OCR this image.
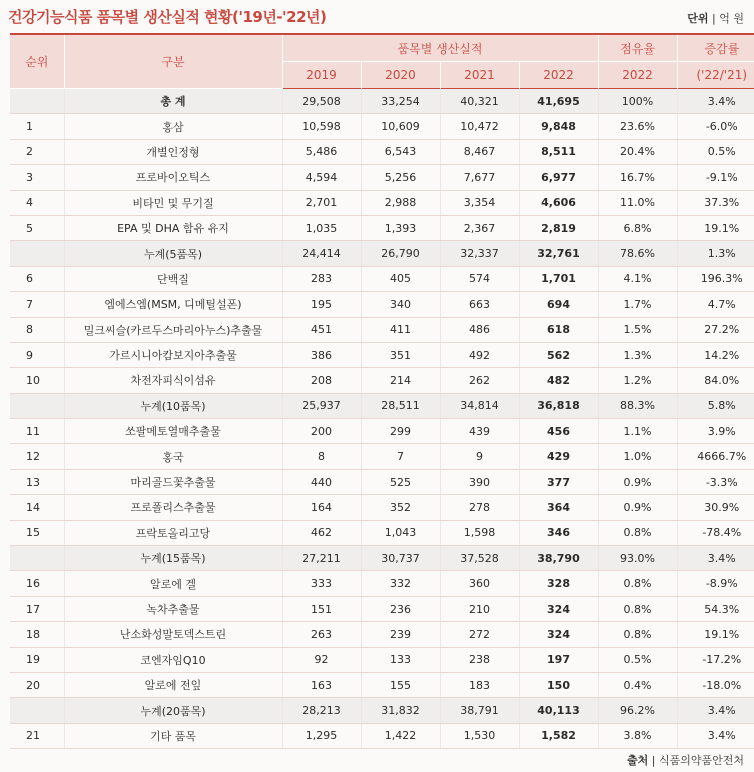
건강기능식품 품목별 생산실적 현황('19년-'22년)	단위 | 억 원
순위	구분	품목별 생산실적				점유율	증감률
		2019	2020	2021	2022	2022	('22/'21)
	총 계	29,508	33,254	40,321	41,695	100%	3.4%
1	홍삼	10,598	10,609	10,472	9,848	23.6%	-6.0%
2	개별인정형	5,486	6,543	8,467	8,511	20.4%	0.5%
3	프로바이오틱스	4,594	5,256	7,677	6,977	16.7%	-9.1%
4	비타민 및 무기질	2,701	2,988	3,354	4,606	11.0%	37.3%
5	EPA 및 DHA 함유 유지	1,035	1,393	2,367	2,819	6.8%	19.1%
	누계(5품목)	24,414	26,790	32,337	32,761	78.6%	1.3%
6	단백질	283	405	574	1,701	4.1%	196.3%
7	엠에스엠(MSM, 디메틸설폰)	195	340	663	694	1.7%	4.7%
8	밀크씨슬(카르두스마리아누스)추출물	451	411	486	618	1.5%	27.2%
9	가르시니아캄보지아추출물	386	351	492	562	1.3%	14.2%
10	차전자피식이섬유	208	214	262	482	1.2%	84.0%
	누계(10품목)	25,937	28,511	34,814	36,818	88.3%	5.8%
11	쏘팔메토열매추출물	200	299	439	456	1.1%	3.9%
12	홍국	8	7	9	429	1.0%	4666.7%
13	마리골드꽃추출물	440	525	390	377	0.9%	-3.3%
14	프로폴리스추출물	164	352	278	364	0.9%	30.9%
15	프락토올리고당	462	1,043	1,598	346	0.8%	-78.4%
	누계(15품목)	27,211	30,737	37,528	38,790	93.0%	3.4%
16	알로에 겔	333	332	360	328	0.8%	-8.9%
17	녹차추출물	151	236	210	324	0.8%	54.3%
18	난소화성말토덱스트린	263	239	272	324	0.8%	19.1%
19	코엔자임Q10	92	133	238	197	0.5%	-17.2%
20	알로에 전잎	163	155	183	150	0.4%	-18.0%
	누계(20품목)	28,213	31,832	38,791	40,113	96.2%	3.4%
21	기타 품목	1,295	1,422	1,530	1,582	3.8%	3.4%
출처 | 식품의약품안전처
